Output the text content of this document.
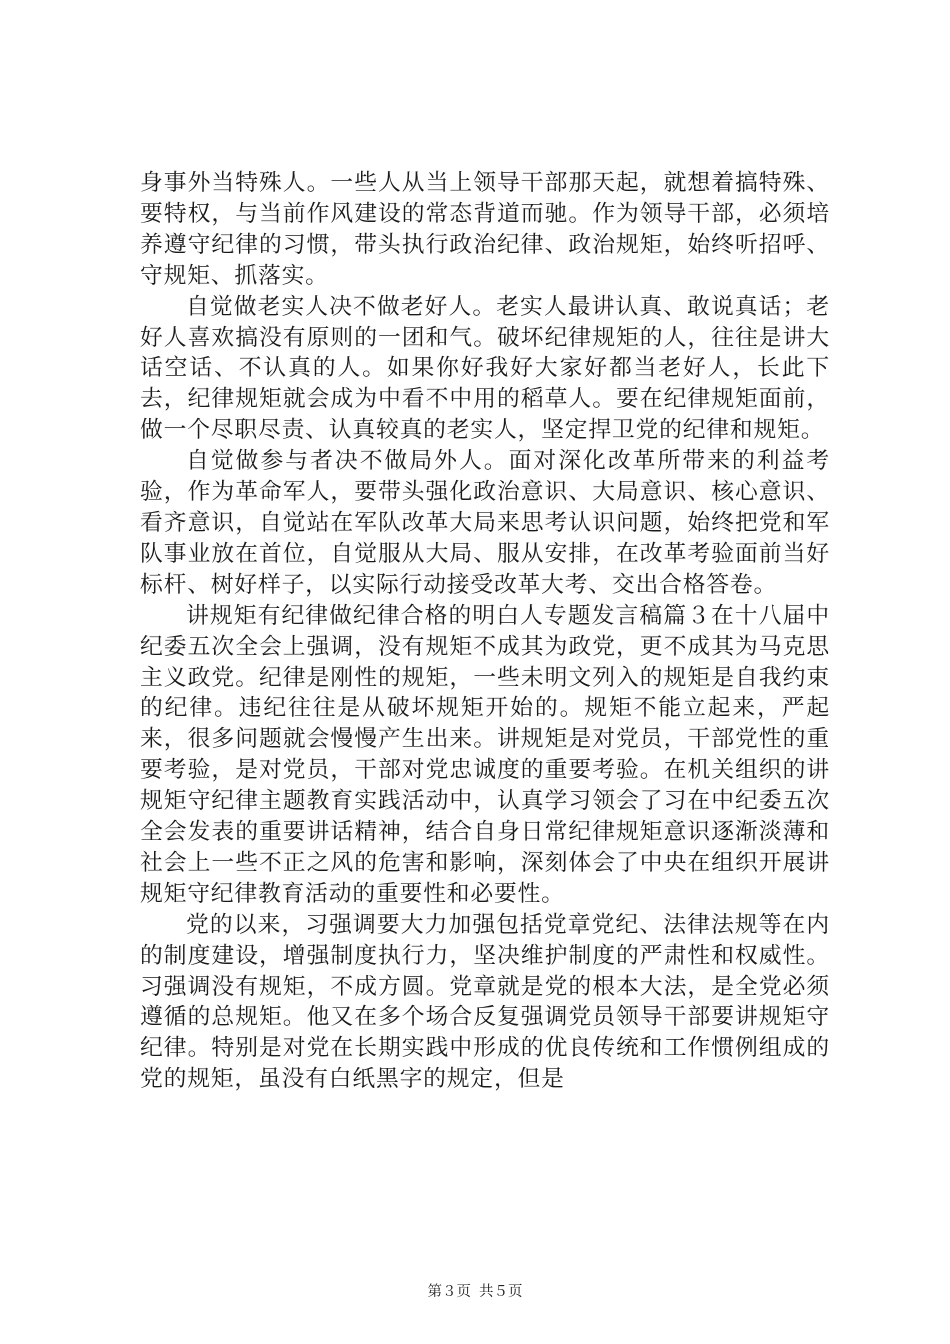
身事外当特殊人。一些人从当上领导干部那天起，就想着搞特殊、要特权，与当前作风建设的常态背道而驰。作为领导干部，必须培养遵守纪律的习惯，带头执行政治纪律、政治规矩，始终听招呼、守规矩、抓落实。

自觉做老实人决不做老好人。老实人最讲认真、敢说真话；老好人喜欢搞没有原则的一团和气。破坏纪律规矩的人，往往是讲大话空话、不认真的人。如果你好我好大家好都当老好人，长此下去，纪律规矩就会成为中看不中用的稻草人。要在纪律规矩面前，做一个尽职尽责、认真较真的老实人，坚定捍卫党的纪律和规矩。

自觉做参与者决不做局外人。面对深化改革所带来的利益考验，作为革命军人，要带头强化政治意识、大局意识、核心意识、看齐意识，自觉站在军队改革大局来思考认识问题，始终把党和军队事业放在首位，自觉服从大局、服从安排，在改革考验面前当好标杆、树好样子，以实际行动接受改革大考、交出合格答卷。

讲规矩有纪律做纪律合格的明白人专题发言稿篇３在十八届中纪委五次全会上强调，没有规矩不成其为政党，更不成其为马克思主义政党。纪律是刚性的规矩，一些未明文列入的规矩是自我约束的纪律。违纪往往是从破坏规矩开始的。规矩不能立起来，严起来，很多问题就会慢慢产生出来。讲规矩是对党员，干部党性的重要考验，是对党员，干部对党忠诚度的重要考验。在机关组织的讲规矩守纪律主题教育实践活动中，认真学习领会了习在中纪委五次全会发表的重要讲话精神，结合自身日常纪律规矩意识逐渐淡薄和社会上一些不正之风的危害和影响，深刻体会了中央在组织开展讲规矩守纪律教育活动的重要性和必要性。

党的以来，习强调要大力加强包括党章党纪、法律法规等在内的制度建设，增强制度执行力，坚决维护制度的严肃性和权威性。习强调没有规矩，不成方圆。党章就是党的根本大法，是全党必须遵循的总规矩。他又在多个场合反复强调党员领导干部要讲规矩守纪律。特别是对党在长期实践中形成的优良传统和工作惯例组成的党的规矩，虽没有白纸黑字的规定，但是

第３页 共５页
